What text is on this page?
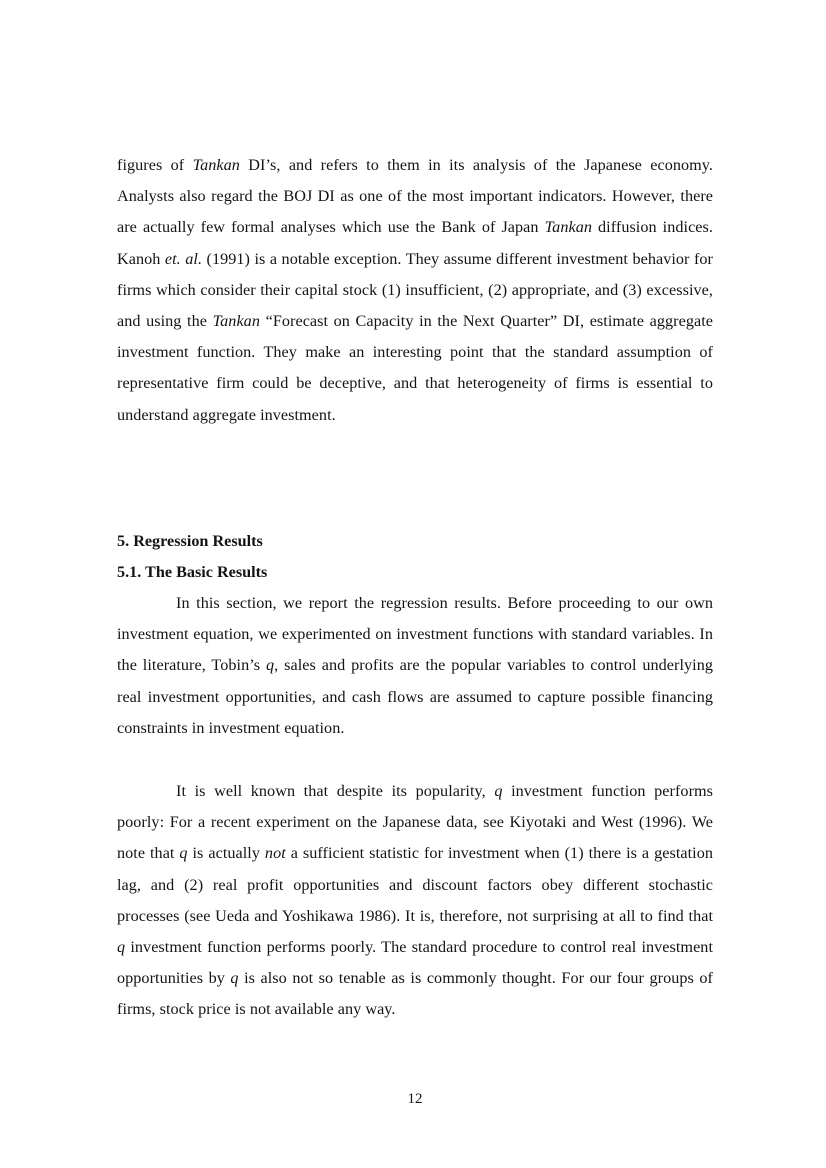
figures of Tankan DI’s, and refers to them in its analysis of the Japanese economy. Analysts also regard the BOJ DI as one of the most important indicators. However, there are actually few formal analyses which use the Bank of Japan Tankan diffusion indices. Kanoh et. al. (1991) is a notable exception. They assume different investment behavior for firms which consider their capital stock (1) insufficient, (2) appropriate, and (3) excessive, and using the Tankan “Forecast on Capacity in the Next Quarter” DI, estimate aggregate investment function. They make an interesting point that the standard assumption of representative firm could be deceptive, and that heterogeneity of firms is essential to understand aggregate investment.

5. Regression Results
5.1. The Basic Results

In this section, we report the regression results. Before proceeding to our own investment equation, we experimented on investment functions with standard variables. In the literature, Tobin’s q, sales and profits are the popular variables to control underlying real investment opportunities, and cash flows are assumed to capture possible financing constraints in investment equation.

It is well known that despite its popularity, q investment function performs poorly: For a recent experiment on the Japanese data, see Kiyotaki and West (1996). We note that q is actually not a sufficient statistic for investment when (1) there is a gestation lag, and (2) real profit opportunities and discount factors obey different stochastic processes (see Ueda and Yoshikawa 1986). It is, therefore, not surprising at all to find that q investment function performs poorly. The standard procedure to control real investment opportunities by q is also not so tenable as is commonly thought. For our four groups of firms, stock price is not available any way.

12
